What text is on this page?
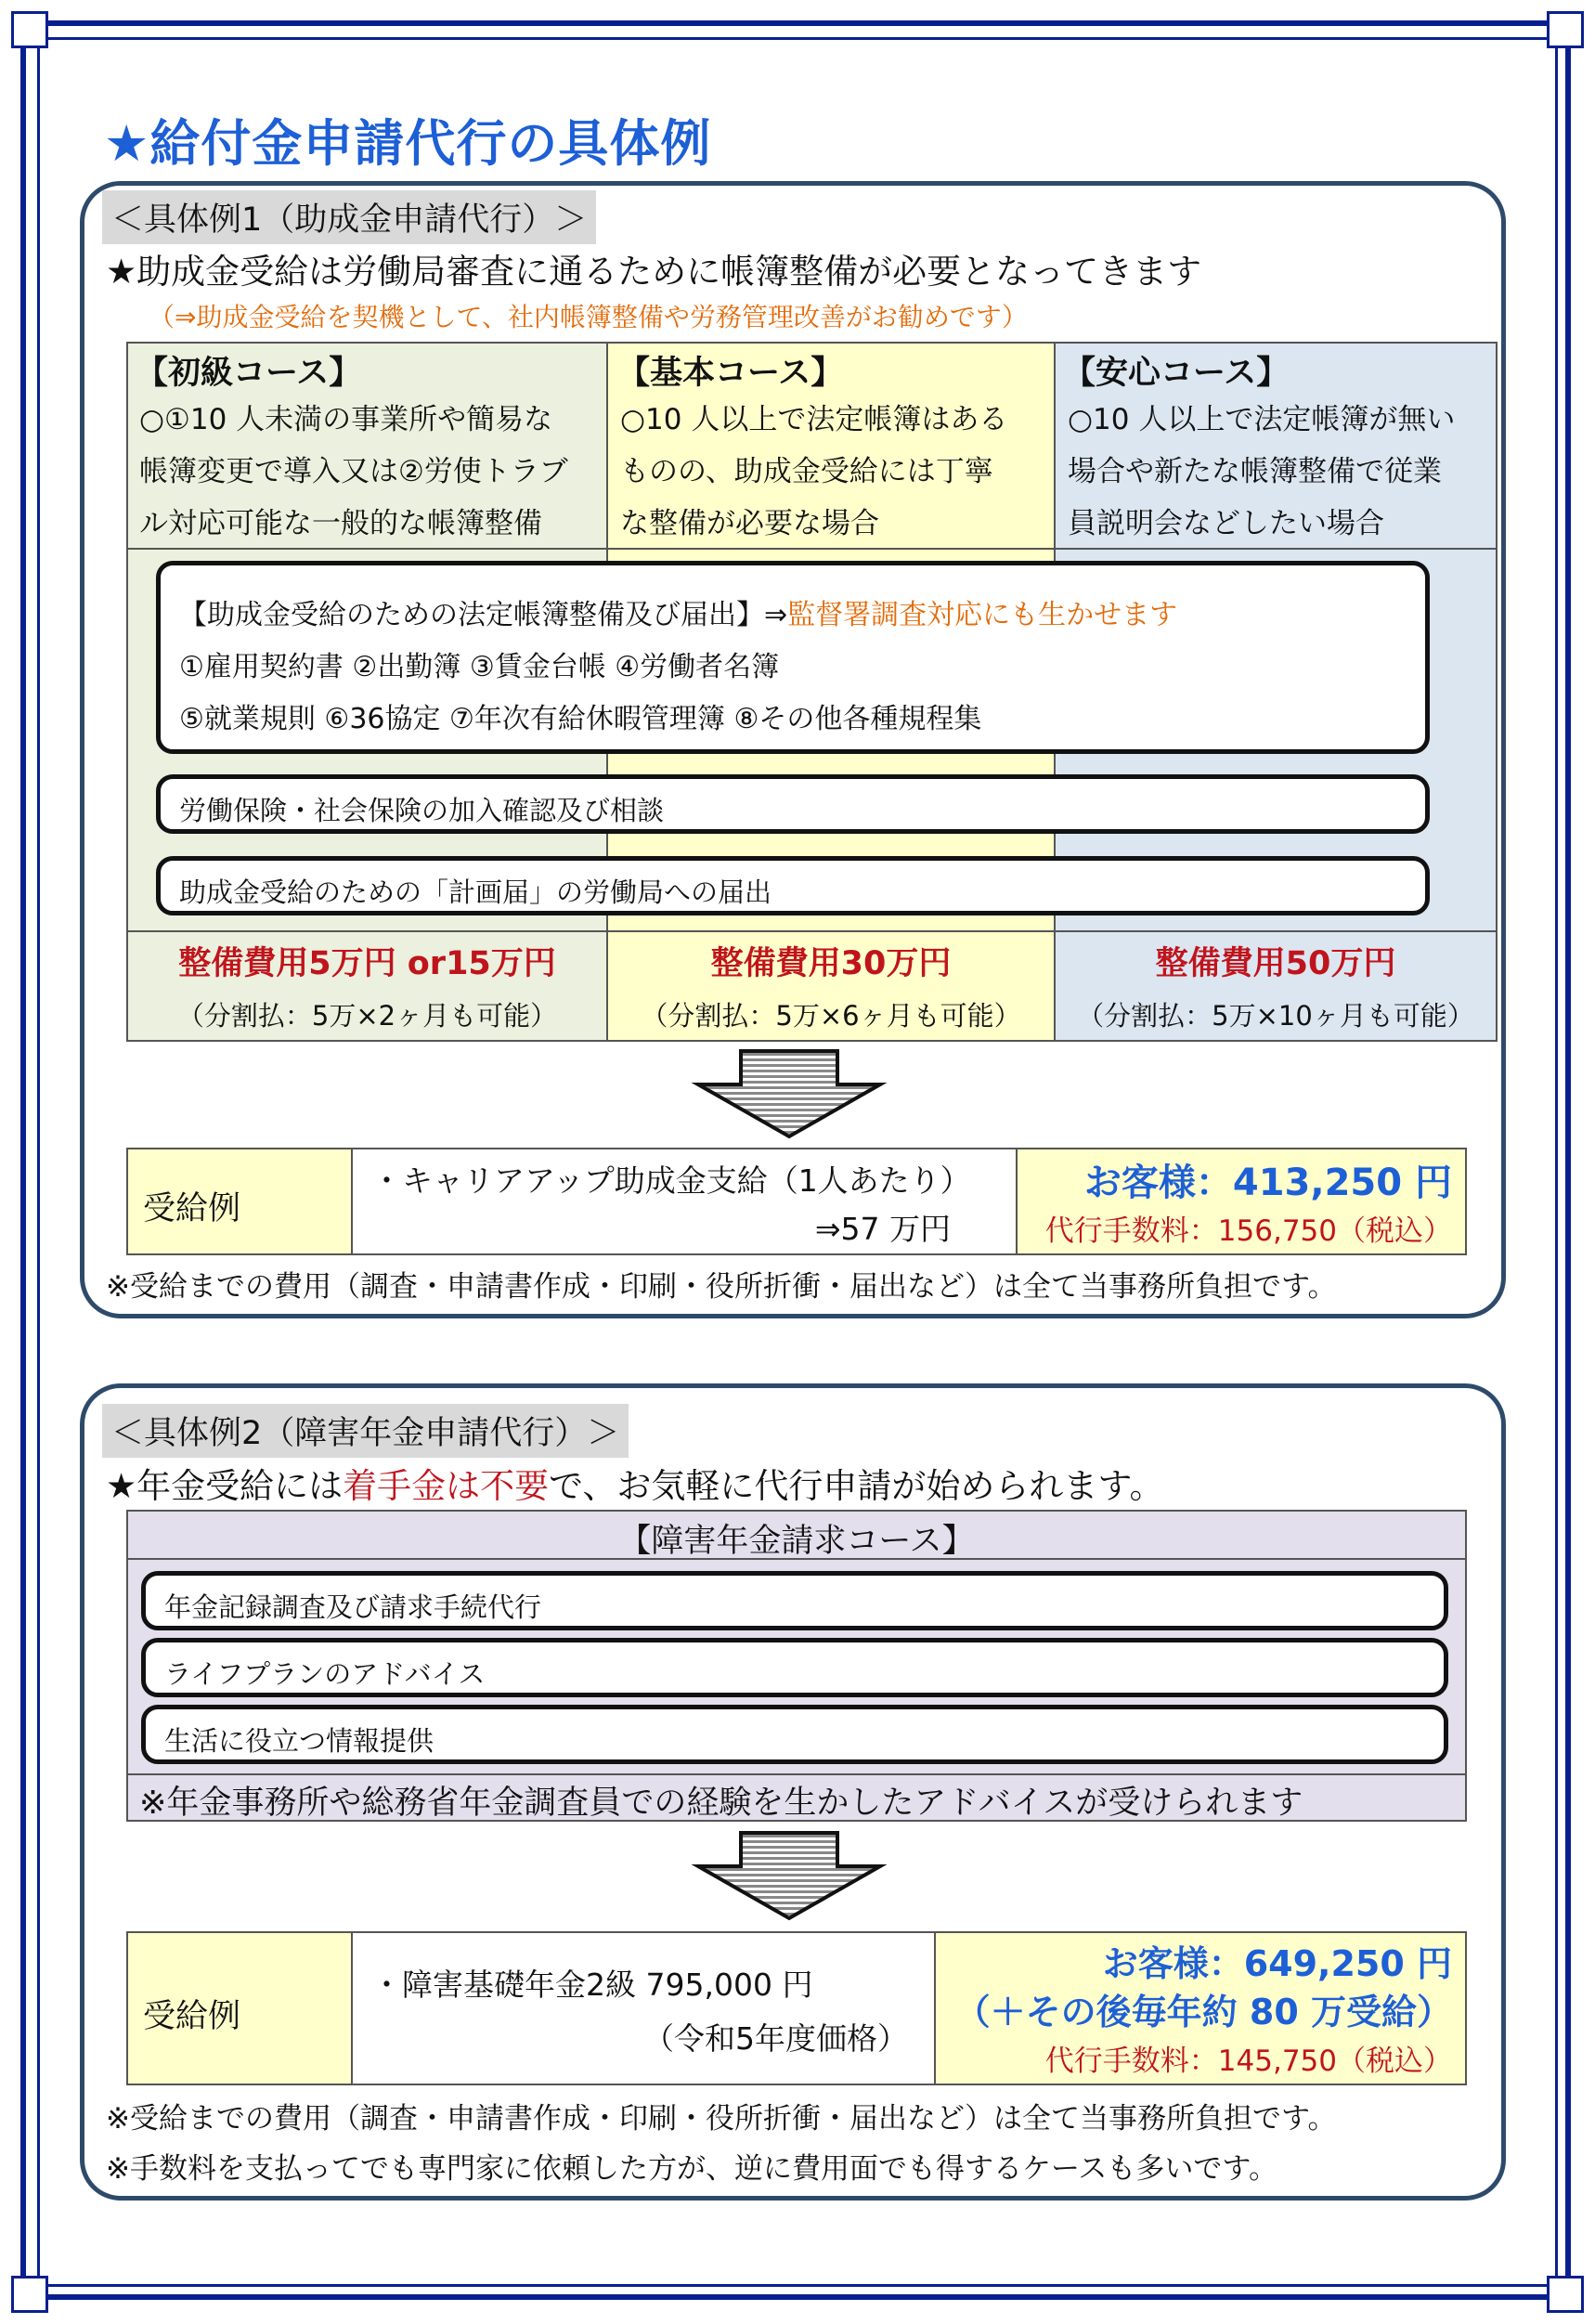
★給付金申請代行の具体例
＜具体例1（助成金申請代行）＞
★助成金受給は労働局審査に通るために帳簿整備が必要となってきます
（⇒助成金受給を契機として、社内帳簿整備や労務管理改善がお勧めです）
【初級コース】
○①10 人未満の事業所や簡易な
帳簿変更で導入又は②労使トラブ
ル対応可能な一般的な帳簿整備
【基本コース】
○10 人以上で法定帳簿はある
ものの、助成金受給には丁寧
な整備が必要な場合
【安心コース】
○10 人以上で法定帳簿が無い
場合や新たな帳簿整備で従業
員説明会などしたい場合
【助成金受給のための法定帳簿整備及び届出】⇒監督署調査対応にも生かせます
①雇用契約書 ②出勤簿 ③賃金台帳 ④労働者名簿
⑤就業規則 ⑥36協定 ⑦年次有給休暇管理簿 ⑧その他各種規程集
労働保険・社会保険の加入確認及び相談
助成金受給のための「計画届」の労働局への届出
整備費用5万円 or15万円
（分割払：5万×2ヶ月も可能）
整備費用30万円
（分割払：5万×6ヶ月も可能）
整備費用50万円
（分割払：5万×10ヶ月も可能）
受給例
・キャリアアップ助成金支給（1人あたり）
⇒57 万円
お客様：413,250 円
代行手数料：156,750（税込）
※受給までの費用（調査・申請書作成・印刷・役所折衝・届出など）は全て当事務所負担です。
＜具体例2（障害年金申請代行）＞
★年金受給には着手金は不要で、お気軽に代行申請が始められます。
【障害年金請求コース】
年金記録調査及び請求手続代行
ライフプランのアドバイス
生活に役立つ情報提供
※年金事務所や総務省年金調査員での経験を生かしたアドバイスが受けられます
受給例
・障害基礎年金2級 795,000 円
（令和5年度価格）
お客様：649,250 円
（＋その後毎年約 80 万受給）
代行手数料：145,750（税込）
※受給までの費用（調査・申請書作成・印刷・役所折衝・届出など）は全て当事務所負担です。
※手数料を支払ってでも専門家に依頼した方が、逆に費用面でも得するケースも多いです。
